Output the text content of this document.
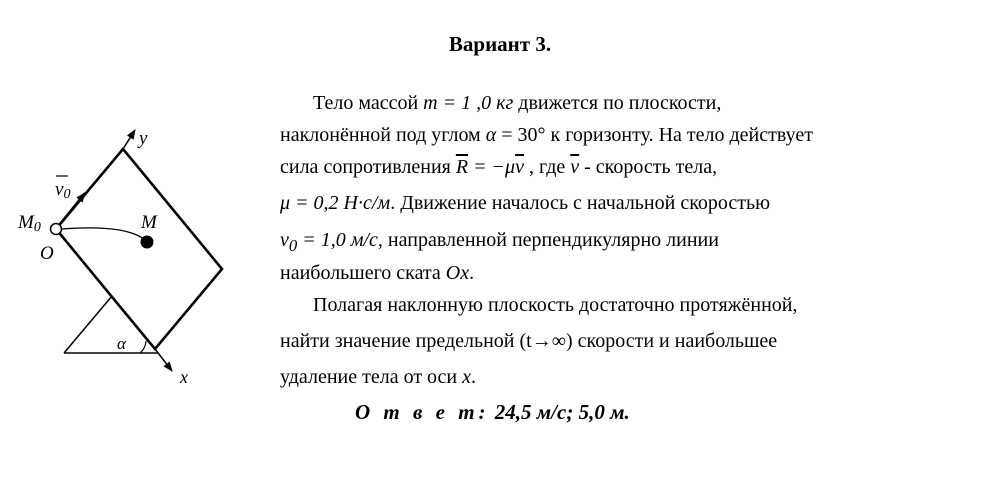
Вариант 3.
y
x
v0
M0
O
M
α
Тело массой m = 1 ,0 кг движется по плоскости,
наклонённой под углом α = 30° к горизонту. На тело действует
сила сопротивления $\overline{R} = -\mu\overline{v}$ , где $\overline{v}$ - скорость тела,
μ = 0,2 Н·с/м. Движение началось с начальной скоростью
$v_0 = 1,0$ м/с, направленной перпендикулярно линии
наибольшего ската Ox.
Полагая наклонную плоскость достаточно протяжённой,
найти значение предельной (t→∞) скорости и наибольшее
удаление тела от оси x.
О т в е т: 24,5 м/с; 5,0 м.
